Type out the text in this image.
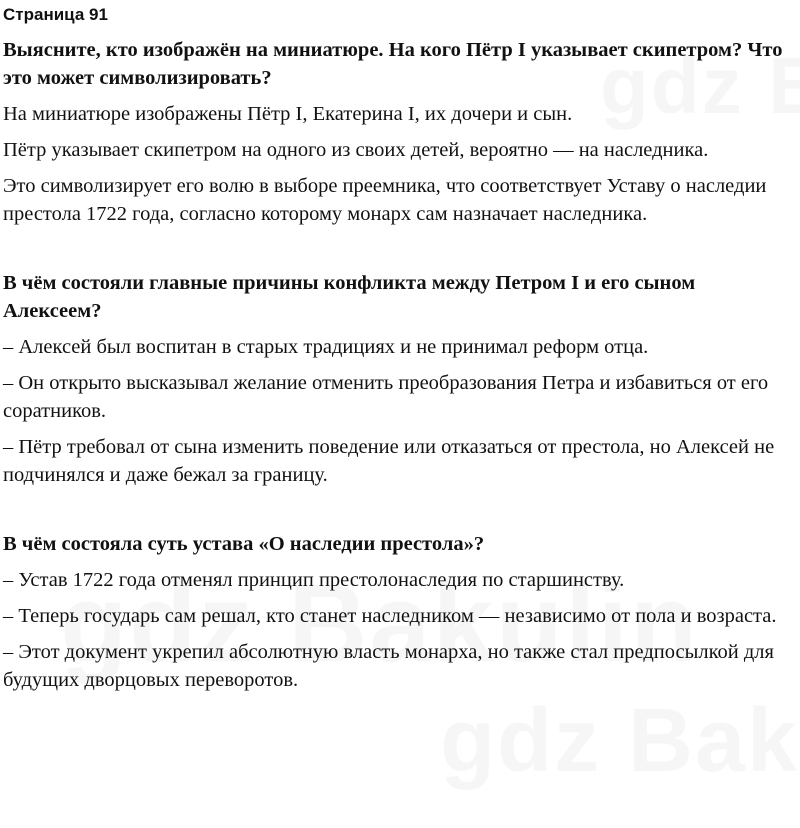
Страница 91
Выясните, кто изображён на миниатюре. На кого Пётр I указывает скипетром? Что это может символизировать?
На миниатюре изображены Пётр I, Екатерина I, их дочери и сын.
Пётр указывает скипетром на одного из своих детей, вероятно — на наследника.
Это символизирует его волю в выборе преемника, что соответствует Уставу о наследии престола 1722 года, согласно которому монарх сам назначает наследника.
В чём состояли главные причины конфликта между Петром I и его сыном Алексеем?
– Алексей был воспитан в старых традициях и не принимал реформ отца.
– Он открыто высказывал желание отменить преобразования Петра и избавиться от его соратников.
– Пётр требовал от сына изменить поведение или отказаться от престола, но Алексей не подчинялся и даже бежал за границу.
В чём состояла суть устава «О наследии престола»?
– Устав 1722 года отменял принцип престолонаследия по старшинству.
– Теперь государь сам решал, кто станет наследником — независимо от пола и возраста.
– Этот документ укрепил абсолютную власть монарха, но также стал предпосылкой для будущих дворцовых переворотов.
